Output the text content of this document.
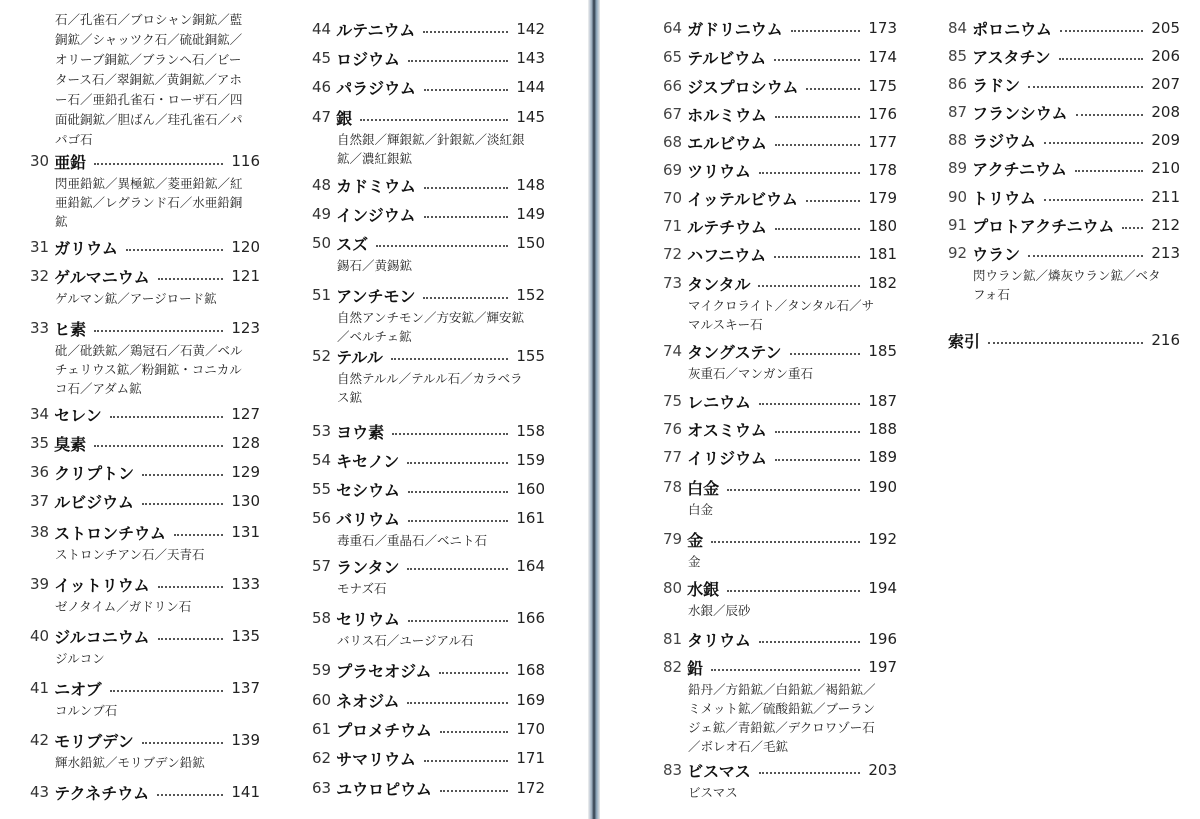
石／孔雀石／ブロシャン銅鉱／藍
銅鉱／シャッツク石／硫砒銅鉱／
オリーブ銅鉱／ブランヘ石／ビー
タース石／翠銅鉱／黄銅鉱／アホ
ー石／亜鉛孔雀石・ローザ石／四
面砒銅鉱／胆ばん／珪孔雀石／パ
パゴ石
30 亜鉛	116
閃亜鉛鉱／異極鉱／菱亜鉛鉱／紅
亜鉛鉱／レグランド石／水亜鉛銅
鉱
31 ガリウム	120
32 ゲルマニウム	121
ゲルマン鉱／アージロード鉱
33 ヒ素	123
砒／砒鉄鉱／鶏冠石／石黄／ベル
チェリウス鉱／粉銅鉱・コニカル
コ石／アダム鉱
34 セレン	127
35 臭素	128
36 クリプトン	129
37 ルビジウム	130
38 ストロンチウム	131
ストロンチアン石／天青石
39 イットリウム	133
ゼノタイム／ガドリン石
40 ジルコニウム	135
ジルコン
41 ニオブ	137
コルンブ石
42 モリブデン	139
輝水鉛鉱／モリブデン鉛鉱
43 テクネチウム	141
44 ルテニウム	142
45 ロジウム	143
46 パラジウム	144
47 銀	145
自然銀／輝銀鉱／針銀鉱／淡紅銀
鉱／濃紅銀鉱
48 カドミウム	148
49 インジウム	149
50 スズ	150
錫石／黄錫鉱
51 アンチモン	152
自然アンチモン／方安鉱／輝安鉱
／ベルチェ鉱
52 テルル	155
自然テルル／テルル石／カラベラ
ス鉱
53 ヨウ素	158
54 キセノン	159
55 セシウム	160
56 バリウム	161
毒重石／重晶石／ベニト石
57 ランタン	164
モナズ石
58 セリウム	166
バリス石／ユージアル石
59 プラセオジム	168
60 ネオジム	169
61 プロメチウム	170
62 サマリウム	171
63 ユウロピウム	172
64 ガドリニウム	173
65 テルビウム	174
66 ジスプロシウム	175
67 ホルミウム	176
68 エルビウム	177
69 ツリウム	178
70 イッテルビウム	179
71 ルテチウム	180
72 ハフニウム	181
73 タンタル	182
マイクロライト／タンタル石／サ
マルスキー石
74 タングステン	185
灰重石／マンガン重石
75 レニウム	187
76 オスミウム	188
77 イリジウム	189
78 白金	190
白金
79 金	192
金
80 水銀	194
水銀／辰砂
81 タリウム	196
82 鉛	197
鉛丹／方鉛鉱／白鉛鉱／褐鉛鉱／
ミメット鉱／硫酸鉛鉱／ブーラン
ジェ鉱／青鉛鉱／デクロワゾー石
／ボレオ石／毛鉱
83 ビスマス	203
ビスマス
84 ポロニウム	205
85 アスタチン	206
86 ラドン	207
87 フランシウム	208
88 ラジウム	209
89 アクチニウム	210
90 トリウム	211
91 プロトアクチニウム 212
92 ウラン	213
閃ウラン鉱／燐灰ウラン鉱／ベタ
フォ石
索引	216
